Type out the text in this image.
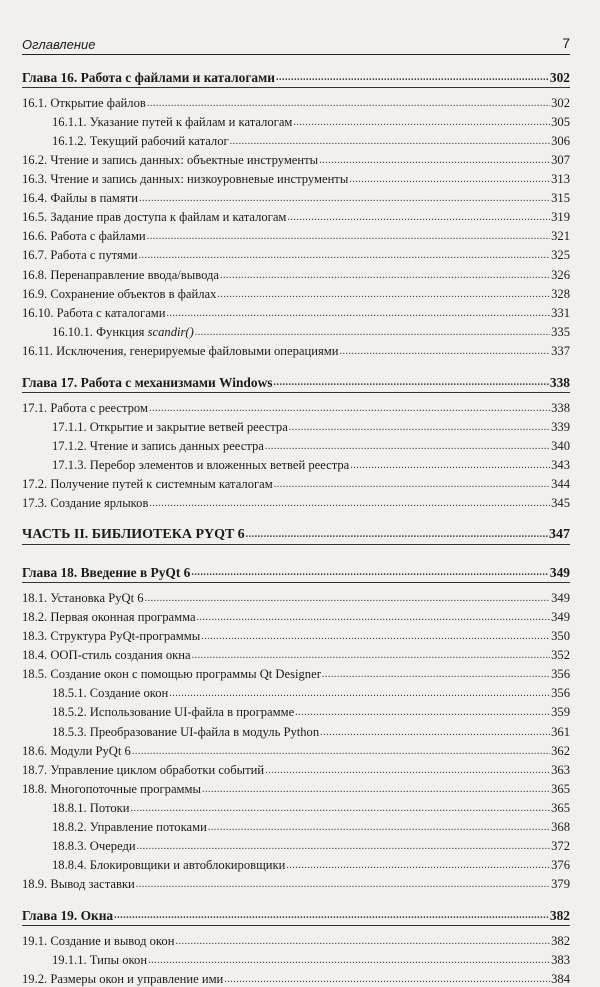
Оглавление	7
Глава 16. Работа с файлами и каталогами .....	302
16.1. Открытие файлов .....	302
16.1.1. Указание путей к файлам и каталогам .....	305
16.1.2. Текущий рабочий каталог .....	306
16.2. Чтение и запись данных: объектные инструменты .....	307
16.3. Чтение и запись данных: низкоуровневые инструменты .....	313
16.4. Файлы в памяти .....	315
16.5. Задание прав доступа к файлам и каталогам .....	319
16.6. Работа с файлами .....	321
16.7. Работа с путями .....	325
16.8. Перенаправление ввода/вывода .....	326
16.9. Сохранение объектов в файлах .....	328
16.10. Работа с каталогами .....	331
16.10.1. Функция scandir() .....	335
16.11. Исключения, генерируемые файловыми операциями .....	337
Глава 17. Работа с механизмами Windows .....	338
17.1. Работа с реестром .....	338
17.1.1. Открытие и закрытие ветвей реестра .....	339
17.1.2. Чтение и запись данных реестра .....	340
17.1.3. Перебор элементов и вложенных ветвей реестра .....	343
17.2. Получение путей к системным каталогам .....	344
17.3. Создание ярлыков .....	345
ЧАСТЬ II. БИБЛИОТЕКА PYQT 6 .....	347
Глава 18. Введение в PyQt 6 .....	349
18.1. Установка PyQt 6 .....	349
18.2. Первая оконная программа .....	349
18.3. Структура PyQt-программы .....	350
18.4. ООП-стиль создания окна .....	352
18.5. Создание окон с помощью программы Qt Designer .....	356
18.5.1. Создание окон .....	356
18.5.2. Использование UI-файла в программе .....	359
18.5.3. Преобразование UI-файла в модуль Python .....	361
18.6. Модули PyQt 6 .....	362
18.7. Управление циклом обработки событий .....	363
18.8. Многопоточные программы .....	365
18.8.1. Потоки .....	365
18.8.2. Управление потоками .....	368
18.8.3. Очереди .....	372
18.8.4. Блокировщики и автоблокировщики .....	376
18.9. Вывод заставки .....	379
Глава 19. Окна .....	382
19.1. Создание и вывод окон .....	382
19.1.1. Типы окон .....	383
19.2. Размеры окон и управление ими .....	384
